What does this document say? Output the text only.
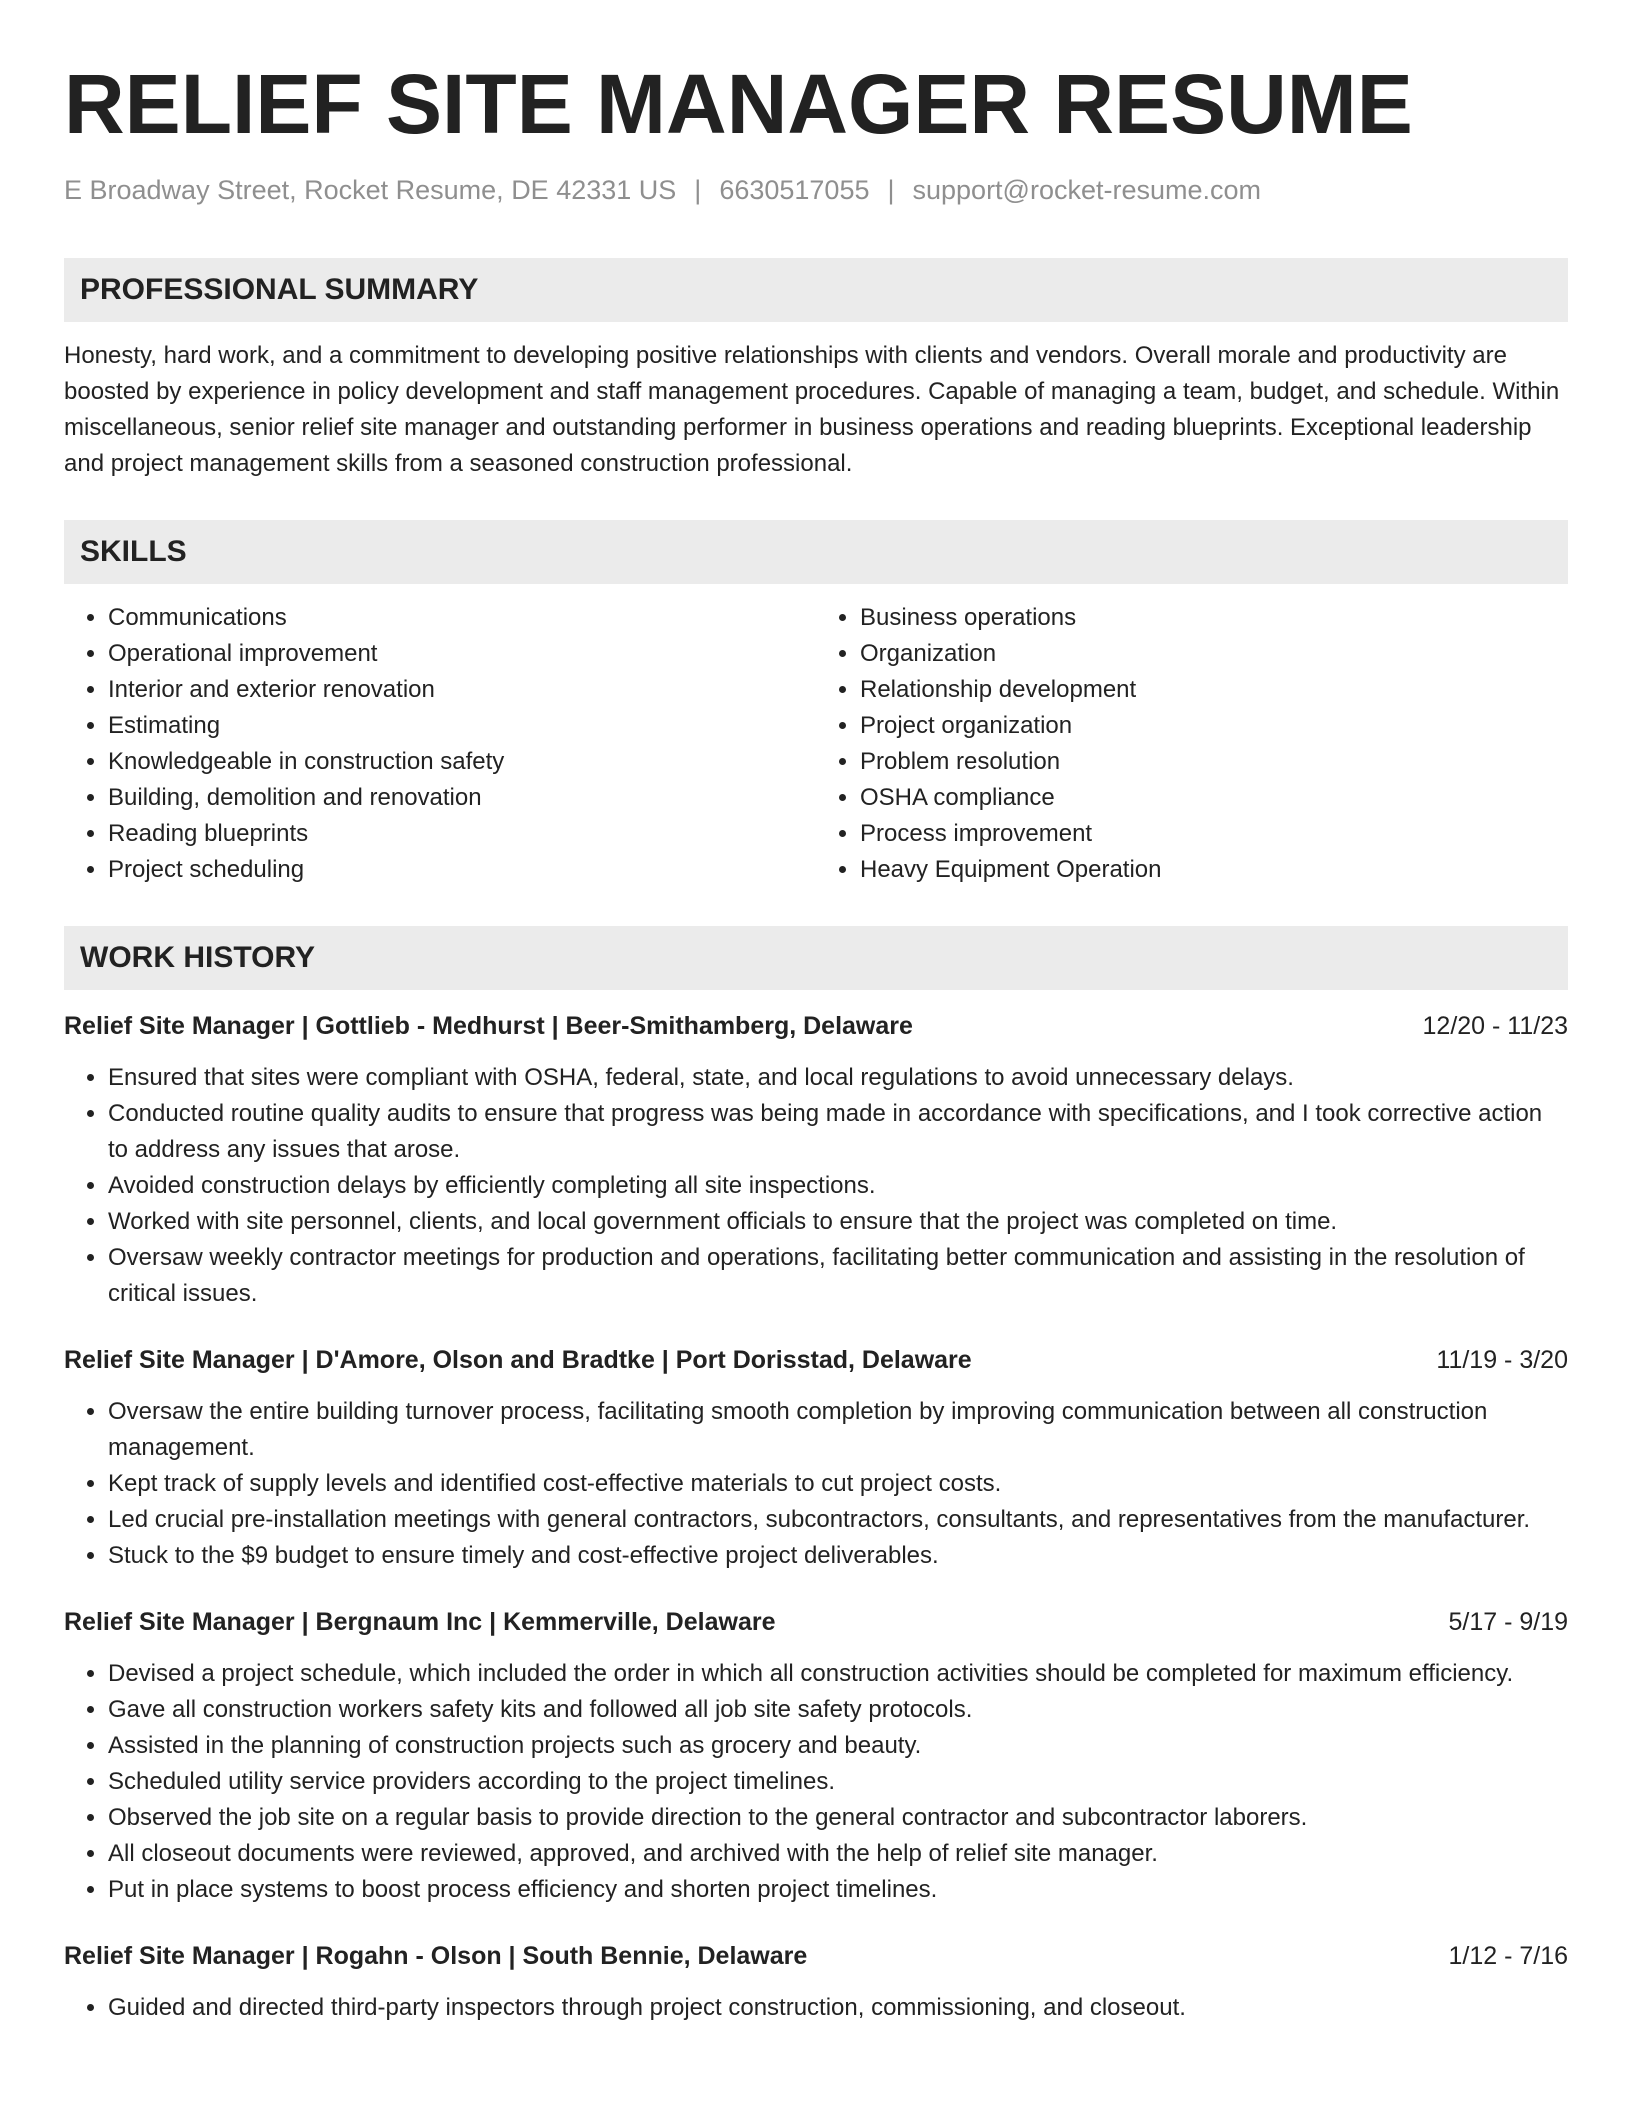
RELIEF SITE MANAGER RESUME
E Broadway Street, Rocket Resume, DE 42331 US | 6630517055 | support@rocket-resume.com
PROFESSIONAL SUMMARY
Honesty, hard work, and a commitment to developing positive relationships with clients and vendors. Overall morale and productivity are boosted by experience in policy development and staff management procedures. Capable of managing a team, budget, and schedule. Within miscellaneous, senior relief site manager and outstanding performer in business operations and reading blueprints. Exceptional leadership and project management skills from a seasoned construction professional.
SKILLS
• Communications
• Operational improvement
• Interior and exterior renovation
• Estimating
• Knowledgeable in construction safety
• Building, demolition and renovation
• Reading blueprints
• Project scheduling
• Business operations
• Organization
• Relationship development
• Project organization
• Problem resolution
• OSHA compliance
• Process improvement
• Heavy Equipment Operation
WORK HISTORY
Relief Site Manager | Gottlieb - Medhurst | Beer-Smithamberg, Delaware	12/20 - 11/23
• Ensured that sites were compliant with OSHA, federal, state, and local regulations to avoid unnecessary delays.
• Conducted routine quality audits to ensure that progress was being made in accordance with specifications, and I took corrective action to address any issues that arose.
• Avoided construction delays by efficiently completing all site inspections.
• Worked with site personnel, clients, and local government officials to ensure that the project was completed on time.
• Oversaw weekly contractor meetings for production and operations, facilitating better communication and assisting in the resolution of critical issues.
Relief Site Manager | D'Amore, Olson and Bradtke | Port Dorisstad, Delaware	11/19 - 3/20
• Oversaw the entire building turnover process, facilitating smooth completion by improving communication between all construction management.
• Kept track of supply levels and identified cost-effective materials to cut project costs.
• Led crucial pre-installation meetings with general contractors, subcontractors, consultants, and representatives from the manufacturer.
• Stuck to the $9 budget to ensure timely and cost-effective project deliverables.
Relief Site Manager | Bergnaum Inc | Kemmerville, Delaware	5/17 - 9/19
• Devised a project schedule, which included the order in which all construction activities should be completed for maximum efficiency.
• Gave all construction workers safety kits and followed all job site safety protocols.
• Assisted in the planning of construction projects such as grocery and beauty.
• Scheduled utility service providers according to the project timelines.
• Observed the job site on a regular basis to provide direction to the general contractor and subcontractor laborers.
• All closeout documents were reviewed, approved, and archived with the help of relief site manager.
• Put in place systems to boost process efficiency and shorten project timelines.
Relief Site Manager | Rogahn - Olson | South Bennie, Delaware	1/12 - 7/16
• Guided and directed third-party inspectors through project construction, commissioning, and closeout.
